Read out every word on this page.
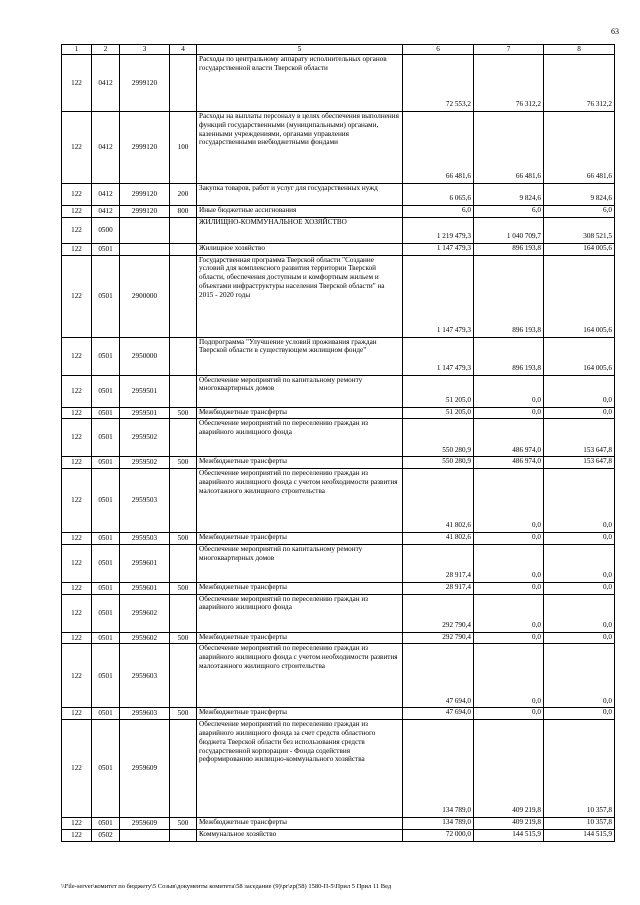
63
1	2	3	4	5	6	7	8
122	0412	2999120		Расходы по центральному аппарату исполнительных органов государственной власти Тверской области	72 553,2	76 312,2	76 312,2
122	0412	2999120	100	Расходы на выплаты персоналу в целях обеспечения выполнения функций государственными (муниципальными) органами, казенными учреждениями, органами управления государственными внебюджетными фондами	66 481,6	66 481,6	66 481,6
122	0412	2999120	200	Закупка товаров, работ и услуг для государственных нужд	6 065,6	9 824,6	9 824,6
122	0412	2999120	800	Иные бюджетные ассигнования	6,0	6,0	6,0
122	0500			ЖИЛИЩНО-КОММУНАЛЬНОЕ ХОЗЯЙСТВО	1 219 479,3	1 040 709,7	308 521,5
122	0501			Жилищное хозяйство	1 147 479,3	896 193,8	164 005,6
122	0501	2900000		Государственная программа Тверской области "Создание условий для комплексного развития территории Тверской области, обеспечения доступным и комфортным жильем и объектами инфраструктуры населения Тверской области" на 2015 - 2020 годы	1 147 479,3	896 193,8	164 005,6
122	0501	2950000		Подпрограмма "Улучшение условий проживания граждан Тверской области в существующем жилищном фонде"	1 147 479,3	896 193,8	164 005,6
122	0501	2959501		Обеспечение мероприятий по капитальному ремонту многоквартирных домов	51 205,0	0,0	0,0
122	0501	2959501	500	Межбюджетные трансферты	51 205,0	0,0	0,0
122	0501	2959502		Обеспечение мероприятий по переселению граждан из аварийного жилищного фонда	550 280,9	486 974,0	153 647,8
122	0501	2959502	500	Межбюджетные трансферты	550 280,9	486 974,0	153 647,8
122	0501	2959503		Обеспечение мероприятий по переселению граждан из аварийного жилищного фонда с учетом необходимости развития малоэтажного жилищного строительства	41 802,6	0,0	0,0
122	0501	2959503	500	Межбюджетные трансферты	41 802,6	0,0	0,0
122	0501	2959601		Обеспечение мероприятий по капитальному ремонту многоквартирных домов	28 917,4	0,0	0,0
122	0501	2959601	500	Межбюджетные трансферты	28 917,4	0,0	0,0
122	0501	2959602		Обеспечение мероприятий по переселению граждан из аварийного жилищного фонда	292 790,4	0,0	0,0
122	0501	2959602	500	Межбюджетные трансферты	292 790,4	0,0	0,0
122	0501	2959603		Обеспечение мероприятий по переселению граждан из аварийного жилищного фонда с учетом необходимости развития малоэтажного жилищного строительства	47 694,0	0,0	0,0
122	0501	2959603	500	Межбюджетные трансферты	47 694,0	0,0	0,0
122	0501	2959609		Обеспечение мероприятий по переселению граждан из аварийного жилищного фонда за счет средств областного бюджета Тверской области без использования средств государственной корпорации - Фонда содействия реформированию жилищно-коммунального хозяйства	134 789,0	409 219,8	10 357,8
122	0501	2959609	500	Межбюджетные трансферты	134 789,0	409 219,8	10 357,8
122	0502			Коммунальное хозяйство	72 000,0	144 515,9	144 515,9
\\File-server\комитет по бюджету\5 Созыв\документы комитета\58 заседание (9)\pr\zp(58) 1580-П-5\Прил 5 Прил 11 Вед
